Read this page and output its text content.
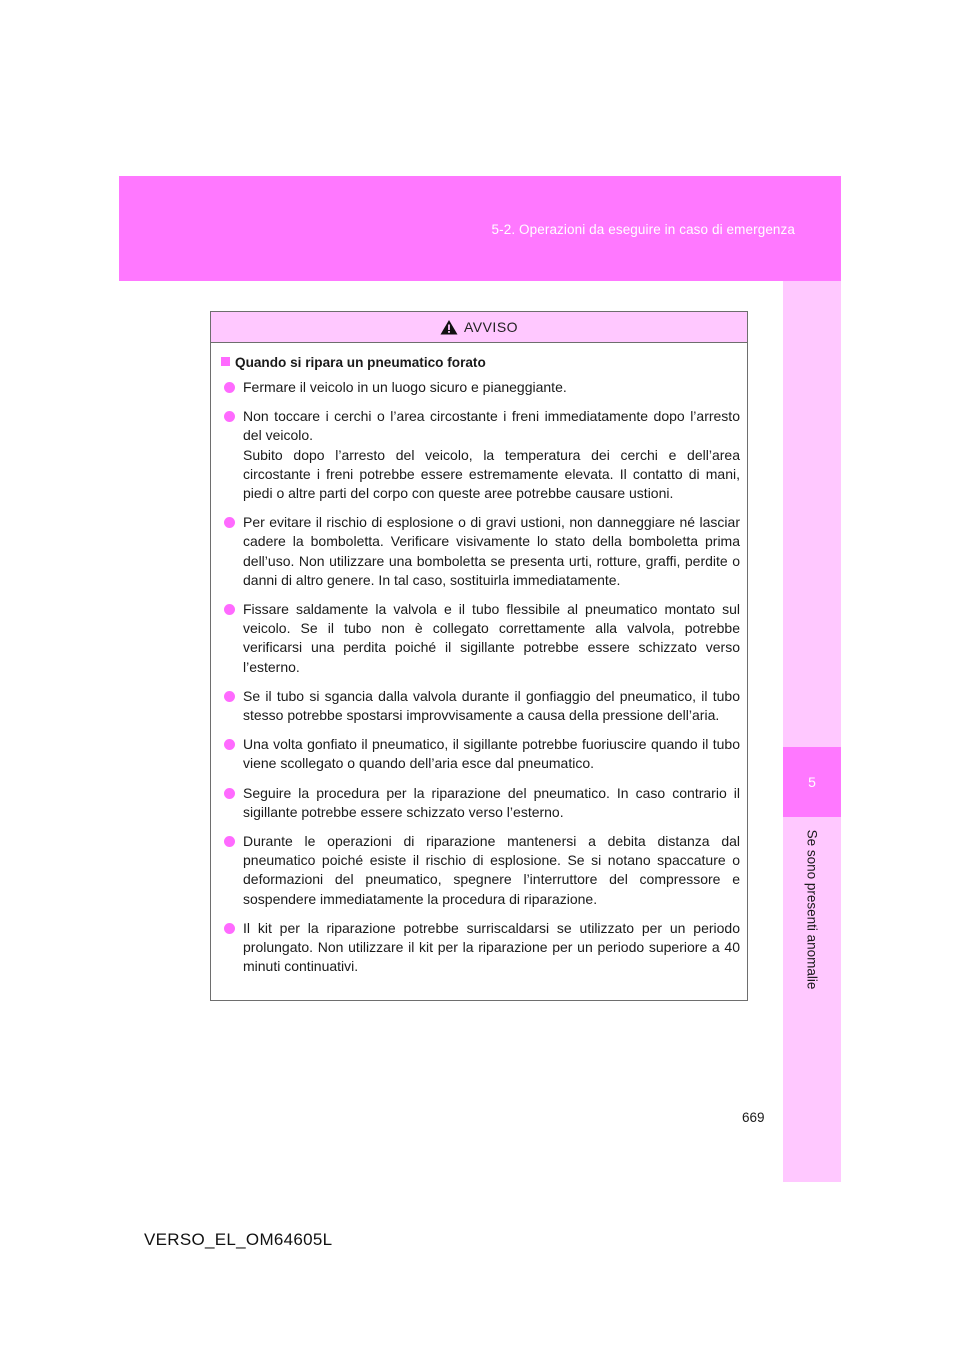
5-2. Operazioni da eseguire in caso di emergenza
5
Se sono presenti anomalie
AVVISO
Quando si ripara un pneumatico forato
Fermare il veicolo in un luogo sicuro e pianeggiante.
Non toccare i cerchi o l’area circostante i freni immediatamente dopo l’arresto del veicolo.
Subito dopo l’arresto del veicolo, la temperatura dei cerchi e dell’area circostante i freni potrebbe essere estremamente elevata. Il contatto di mani, piedi o altre parti del corpo con queste aree potrebbe causare ustioni.
Per evitare il rischio di esplosione o di gravi ustioni, non danneggiare né lasciar cadere la bomboletta. Verificare visivamente lo stato della bomboletta prima dell’uso. Non utilizzare una bomboletta se presenta urti, rotture, graffi, perdite o danni di altro genere. In tal caso, sostituirla immediatamente.
Fissare saldamente la valvola e il tubo flessibile al pneumatico montato sul veicolo. Se il tubo non è collegato correttamente alla valvola, potrebbe verificarsi una perdita poiché il sigillante potrebbe essere schizzato verso l’esterno.
Se il tubo si sgancia dalla valvola durante il gonfiaggio del pneumatico, il tubo stesso potrebbe spostarsi improvvisamente a causa della pressione dell’aria.
Una volta gonfiato il pneumatico, il sigillante potrebbe fuoriuscire quando il tubo viene scollegato o quando dell’aria esce dal pneumatico.
Seguire la procedura per la riparazione del pneumatico. In caso contrario il sigillante potrebbe essere schizzato verso l’esterno.
Durante le operazioni di riparazione mantenersi a debita distanza dal pneumatico poiché esiste il rischio di esplosione. Se si notano spaccature o deformazioni del pneumatico, spegnere l’interruttore del compressore e sospendere immediatamente la procedura di riparazione.
Il kit per la riparazione potrebbe surriscaldarsi se utilizzato per un periodo prolungato. Non utilizzare il kit per la riparazione per un periodo superiore a 40 minuti continuativi.
669
VERSO_EL_OM64605L
